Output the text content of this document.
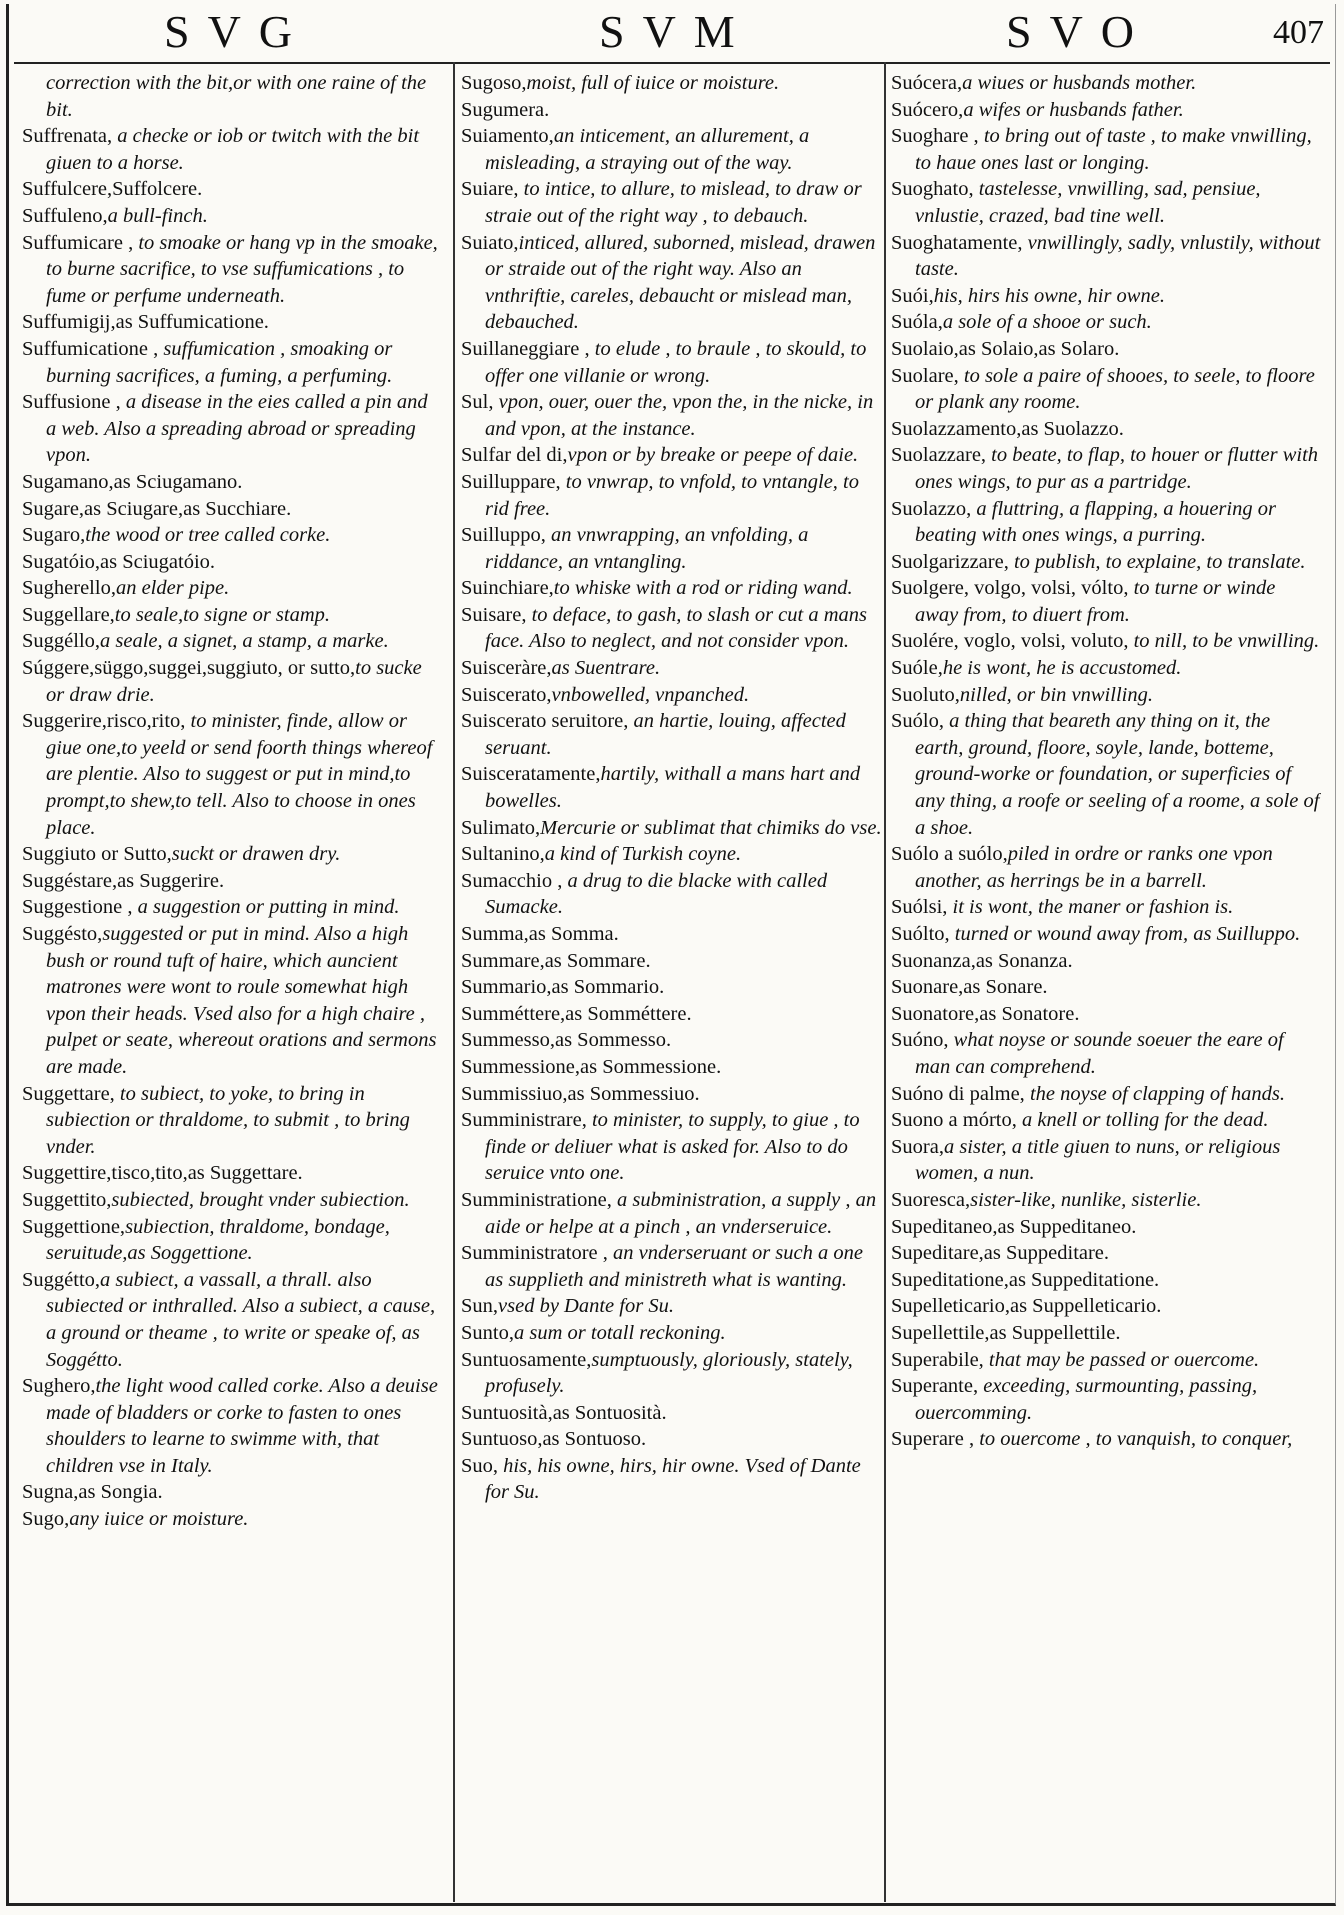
SVG	SVM	SVO	407

correction with the bit,or with one raine of the bit.

Suffrenata, a checke or iob or twitch with the bit giuen to a horse.

Suffulcere,Suffolcere.

Suffuleno,a bull-finch.

Suffumicare , to smoake or hang vp in the smoake, to burne sacrifice, to vse suffumications , to fume or perfume underneath.

Suffumigij,as Suffumicatione.

Suffumicatione , suffumication , smoaking or burning sacrifices, a fuming, a perfuming.

Suffusione , a disease in the eies called a pin and a web. Also a spreading abroad or spreading vpon.

Sugamano,as Sciugamano.

Sugare,as Sciugare,as Succhiare.

Sugaro,the wood or tree called corke.

Sugatóio,as Sciugatóio.

Sugherello,an elder pipe.

Suggellare,to seale,to signe or stamp.

Suggéllo,a seale, a signet, a stamp, a marke.

Súggere,süggo,suggei,suggiuto, or sutto,to sucke or draw drie.

Suggerire,risco,rito, to minister, finde, allow or giue one,to yeeld or send foorth things whereof are plentie. Also to suggest or put in mind,to prompt,to shew,to tell. Also to choose in ones place.

Suggiuto or Sutto,suckt or drawen dry.

Suggéstare,as Suggerire.

Suggestione , a suggestion or putting in mind.

Suggésto,suggested or put in mind. Also a high bush or round tuft of haire, which auncient matrones were wont to roule somewhat high vpon their heads. Vsed also for a high chaire , pulpet or seate, whereout orations and sermons are made.

Suggettare, to subiect, to yoke, to bring in subiection or thraldome, to submit , to bring vnder.

Suggettire,tisco,tito,as Suggettare.

Suggettito,subiected, brought vnder subiection.

Suggettione,subiection, thraldome, bondage, seruitude,as Soggettione.

Suggétto,a subiect, a vassall, a thrall. also subiected or inthralled. Also a subiect, a cause, a ground or theame , to write or speake of, as Soggétto.

Sughero,the light wood called corke. Also a deuise made of bladders or corke to fasten to ones shoulders to learne to swimme with, that children vse in Italy.

Sugna,as Songia.

Sugo,any iuice or moisture.

Sugoso,moist, full of iuice or moisture.

Sugumera.

Suiamento,an inticement, an allurement, a misleading, a straying out of the way.

Suiare, to intice, to allure, to mislead, to draw or straie out of the right way , to debauch.

Suiato,inticed, allured, suborned, mislead, drawen or straide out of the right way. Also an vnthriftie, careles, debaucht or mislead man, debauched.

Suillaneggiare , to elude , to braule , to skould, to offer one villanie or wrong.

Sul, vpon, ouer, ouer the, vpon the, in the nicke, in and vpon, at the instance.

Sulfar del di,vpon or by breake or peepe of daie.

Suilluppare, to vnwrap, to vnfold, to vntangle, to rid free.

Suilluppo, an vnwrapping, an vnfolding, a riddance, an vntangling.

Suinchiare,to whiske with a rod or riding wand.

Suisare, to deface, to gash, to slash or cut a mans face. Also to neglect, and not consider vpon.

Suisceràre,as Suentrare.

Suiscerato,vnbowelled, vnpanched.

Suiscerato seruitore, an hartie, louing, affected seruant.

Suisceratamente,hartily, withall a mans hart and bowelles.

Sulimato,Mercurie or sublimat that chimiks do vse.

Sultanino,a kind of Turkish coyne.

Sumacchio , a drug to die blacke with called Sumacke.

Summa,as Somma.

Summare,as Sommare.

Summario,as Sommario.

Summéttere,as Somméttere.

Summesso,as Sommesso.

Summessione,as Sommessione.

Summissiuo,as Sommessiuo.

Sumministrare, to minister, to supply, to giue , to finde or deliuer what is asked for. Also to do seruice vnto one.

Sumministratione, a subministration, a supply , an aide or helpe at a pinch , an vnderseruice.

Sumministratore , an vnderseruant or such a one as supplieth and ministreth what is wanting.

Sun,vsed by Dante for Su.

Sunto,a sum or totall reckoning.

Suntuosamente,sumptuously, gloriously, stately, profusely.

Suntuosità,as Sontuosità.

Suntuoso,as Sontuoso.

Suo, his, his owne, hirs, hir owne. Vsed of Dante for Su.

Suócera,a wiues or husbands mother.

Suócero,a wifes or husbands father.

Suoghare , to bring out of taste , to make vnwilling, to haue ones last or longing.

Suoghato, tastelesse, vnwilling, sad, pensiue, vnlustie, crazed, bad tine well.

Suoghatamente, vnwillingly, sadly, vnlustily, without taste.

Suói,his, hirs his owne, hir owne.

Suóla,a sole of a shooe or such.

Suolaio,as Solaio,as Solaro.

Suolare, to sole a paire of shooes, to seele, to floore or plank any roome.

Suolazzamento,as Suolazzo.

Suolazzare, to beate, to flap, to houer or flutter with ones wings, to pur as a partridge.

Suolazzo, a fluttring, a flapping, a houering or beating with ones wings, a purring.

Suolgarizzare, to publish, to explaine, to translate.

Suolgere, volgo, volsi, vólto, to turne or winde away from, to diuert from.

Suolére, voglo, volsi, voluto, to nill, to be vnwilling.

Suóle,he is wont, he is accustomed.

Suoluto,nilled, or bin vnwilling.

Suólo, a thing that beareth any thing on it, the earth, ground, floore, soyle, lande, botteme, ground-worke or foundation, or superficies of any thing, a roofe or seeling of a roome, a sole of a shoe.

Suólo a suólo,piled in ordre or ranks one vpon another, as herrings be in a barrell.

Suólsi, it is wont, the maner or fashion is.

Suólto, turned or wound away from, as Suilluppo.

Suonanza,as Sonanza.

Suonare,as Sonare.

Suonatore,as Sonatore.

Suóno, what noyse or sounde soeuer the eare of man can comprehend.

Suóno di palme, the noyse of clapping of hands.

Suono a mórto, a knell or tolling for the dead.

Suora,a sister, a title giuen to nuns, or religious women, a nun.

Suoresca,sister-like, nunlike, sisterlie.

Supeditaneo,as Suppeditaneo.

Supeditare,as Suppeditare.

Supeditatione,as Suppeditatione.

Supelleticario,as Suppelleticario.

Supellettile,as Suppellettile.

Superabile, that may be passed or ouercome.

Superante, exceeding, surmounting, passing, ouercomming.

Superare , to ouercome , to vanquish, to conquer,
